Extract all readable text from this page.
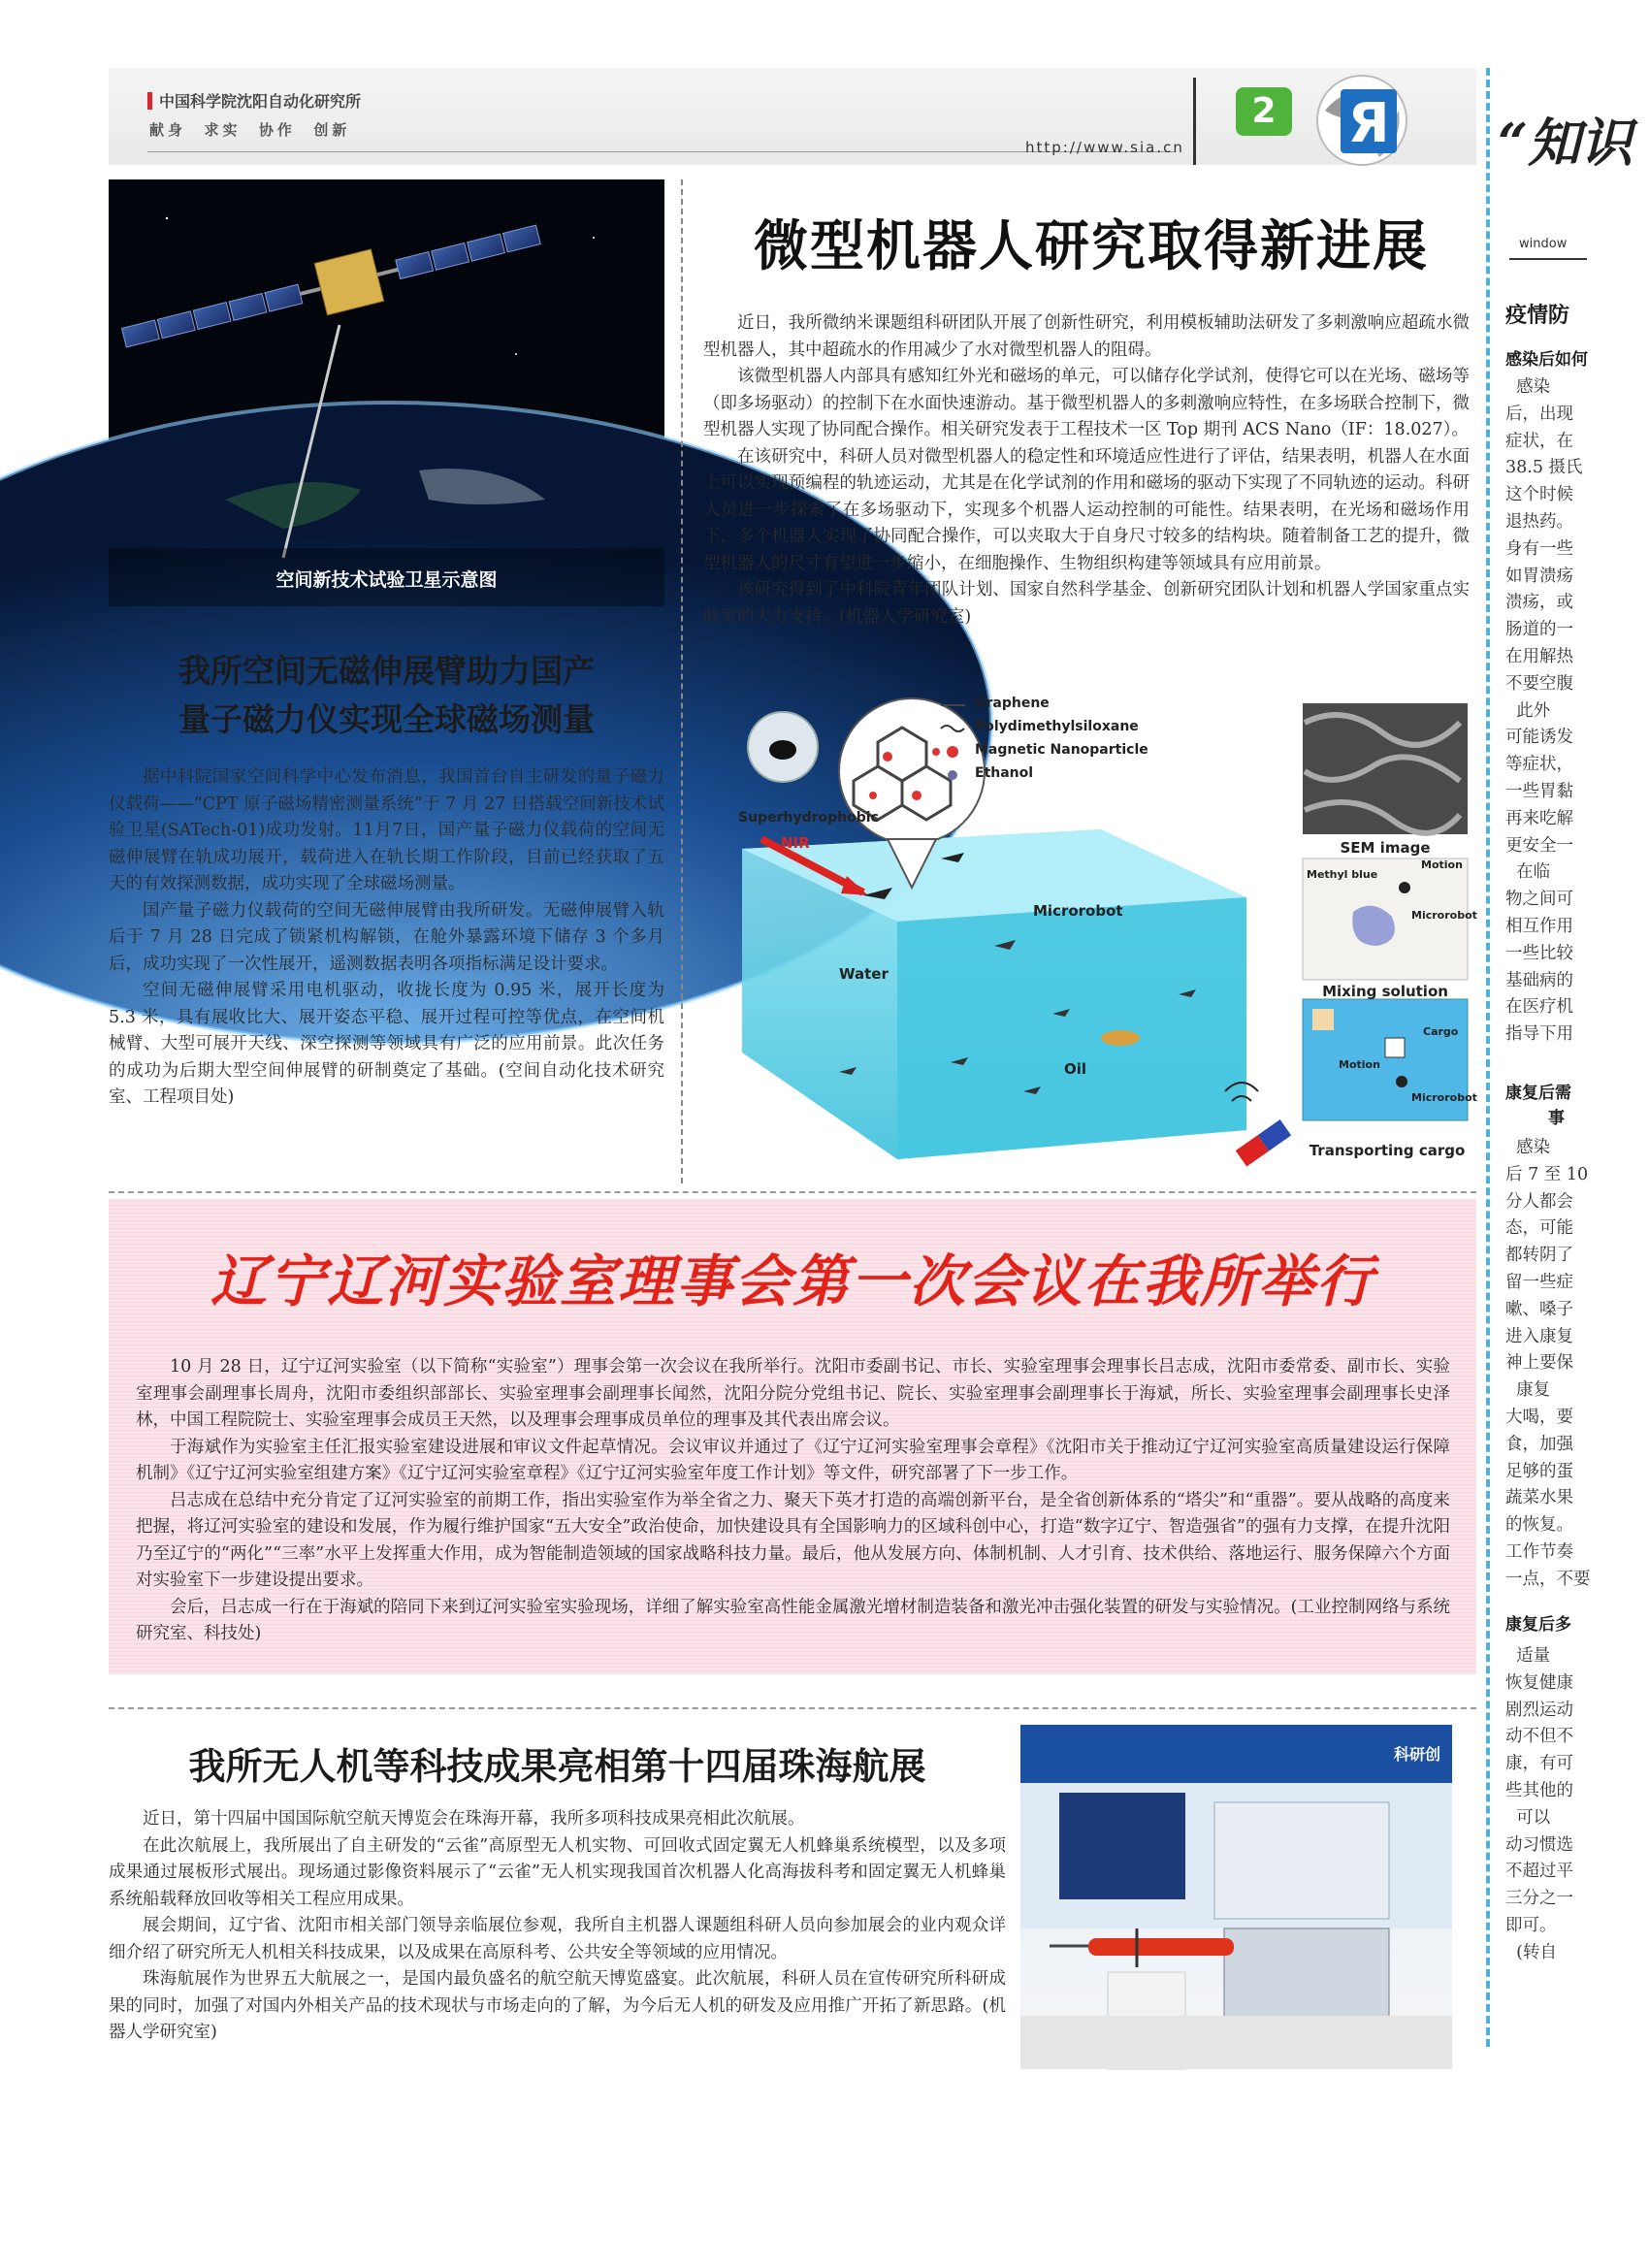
中国科学院沈阳自动化研究所
献身  求实  协作  创新
http://www.sia.cn
2 Я
空间新技术试验卫星示意图
我所空间无磁伸展臂助力国产
量子磁力仪实现全球磁场测量

据中科院国家空间科学中心发布消息，我国首台自主研发的量子磁力仪载荷——“CPT 原子磁场精密测量系统”于 7 月 27 日搭载空间新技术试验卫星(SATech-01)成功发射。11月7日，国产量子磁力仪载荷的空间无磁伸展臂在轨成功展开，载荷进入在轨长期工作阶段，目前已经获取了五天的有效探测数据，成功实现了全球磁场测量。

国产量子磁力仪载荷的空间无磁伸展臂由我所研发。无磁伸展臂入轨后于 7 月 28 日完成了锁紧机构解锁，在舱外暴露环境下储存 3 个多月后，成功实现了一次性展开，遥测数据表明各项指标满足设计要求。

空间无磁伸展臂采用电机驱动，收拢长度为 0.95 米，展开长度为 5.3 米，具有展收比大、展开姿态平稳、展开过程可控等优点，在空间机械臂、大型可展开天线、深空探测等领域具有广泛的应用前景。此次任务的成功为后期大型空间伸展臂的研制奠定了基础。(空间自动化技术研究室、工程项目处)

微型机器人研究取得新进展

近日，我所微纳米课题组科研团队开展了创新性研究，利用模板辅助法研发了多刺激响应超疏水微型机器人，其中超疏水的作用减少了水对微型机器人的阻碍。

该微型机器人内部具有感知红外光和磁场的单元，可以储存化学试剂，使得它可以在光场、磁场等（即多场驱动）的控制下在水面快速游动。基于微型机器人的多刺激响应特性，在多场联合控制下，微型机器人实现了协同配合操作。相关研究发表于工程技术一区 Top 期刊 ACS Nano（IF：18.027）。

在该研究中，科研人员对微型机器人的稳定性和环境适应性进行了评估，结果表明，机器人在水面上可以实现预编程的轨迹运动，尤其是在化学试剂的作用和磁场的驱动下实现了不同轨迹的运动。科研人员进一步探索了在多场驱动下，实现多个机器人运动控制的可能性。结果表明，在光场和磁场作用下，多个机器人实现了协同配合操作，可以夹取大于自身尺寸较多的结构块。随着制备工艺的提升，微型机器人的尺寸有望进一步缩小，在细胞操作、生物组织构建等领域具有应用前景。

该研究得到了中科院青年团队计划、国家自然科学基金、创新研究团队计划和机器人学国家重点实验室的大力支持。(机器人学研究室)

Graphene
Polydimethylsiloxane
Magnetic Nanoparticle
Ethanol
Superhydrophobic
NIR
Water
Microrobot
Oil
SEM image
Methyl blue
Motion
Microrobot
Mixing solution
Cargo
Motion
Microrobot
Transporting cargo
辽宁辽河实验室理事会第一次会议在我所举行

10 月 28 日，辽宁辽河实验室（以下简称“实验室”）理事会第一次会议在我所举行。沈阳市委副书记、市长、实验室理事会理事长吕志成，沈阳市委常委、副市长、实验室理事会副理事长周舟，沈阳市委组织部部长、实验室理事会副理事长闻然，沈阳分院分党组书记、院长、实验室理事会副理事长于海斌，所长、实验室理事会副理事长史泽林，中国工程院院士、实验室理事会成员王天然，以及理事会理事成员单位的理事及其代表出席会议。

于海斌作为实验室主任汇报实验室建设进展和审议文件起草情况。会议审议并通过了《辽宁辽河实验室理事会章程》《沈阳市关于推动辽宁辽河实验室高质量建设运行保障机制》《辽宁辽河实验室组建方案》《辽宁辽河实验室章程》《辽宁辽河实验室年度工作计划》等文件，研究部署了下一步工作。

吕志成在总结中充分肯定了辽河实验室的前期工作，指出实验室作为举全省之力、聚天下英才打造的高端创新平台，是全省创新体系的“塔尖”和“重器”。要从战略的高度来把握，将辽河实验室的建设和发展，作为履行维护国家“五大安全”政治使命，加快建设具有全国影响力的区域科创中心，打造“数字辽宁、智造强省”的强有力支撑，在提升沈阳乃至辽宁的“两化”“三率”水平上发挥重大作用，成为智能制造领域的国家战略科技力量。最后，他从发展方向、体制机制、人才引育、技术供给、落地运行、服务保障六个方面对实验室下一步建设提出要求。

会后，吕志成一行在于海斌的陪同下来到辽河实验室实验现场，详细了解实验室高性能金属激光增材制造装备和激光冲击强化装置的研发与实验情况。(工业控制网络与系统研究室、科技处)

我所无人机等科技成果亮相第十四届珠海航展

近日，第十四届中国国际航空航天博览会在珠海开幕，我所多项科技成果亮相此次航展。

在此次航展上，我所展出了自主研发的“云雀”高原型无人机实物、可回收式固定翼无人机蜂巢系统模型，以及多项成果通过展板形式展出。现场通过影像资料展示了“云雀”无人机实现我国首次机器人化高海拔科考和固定翼无人机蜂巢系统船载释放回收等相关工程应用成果。

展会期间，辽宁省、沈阳市相关部门领导亲临展位参观，我所自主机器人课题组科研人员向参加展会的业内观众详细介绍了研究所无人机相关科技成果，以及成果在高原科考、公共安全等领域的应用情况。

珠海航展作为世界五大航展之一，是国内最负盛名的航空航天博览盛宴。此次航展，科研人员在宣传研究所科研成果的同时，加强了对国内外相关产品的技术现状与市场走向的了解，为今后无人机的研发及应用推广开拓了新思路。(机器人学研究室)

科研创
“知识
window
疫情防
感染后如何
感染
后，出现
症状，在
38.5 摄氏
这个时候
退热药。
身有一些
如胃溃疡
溃疡，或
肠道的一
在用解热
不要空腹
此外
可能诱发
等症状，
一些胃黏
再来吃解
更安全一
在临
物之间可
相互作用
一些比较
基础病的
在医疗机
指导下用
康复后需
事
感染
后 7 至 10
分人都会
态，可能
都转阴了
留一些症
嗽、嗓子
进入康复
神上要保
康复
大喝，要
食，加强
足够的蛋
蔬菜水果
的恢复。
工作节奏
一点，不要
康复后多
适量
恢复健康
剧烈运动
动不但不
康，有可
些其他的
可以
动习惯选
不超过平
三分之一
即可。
(转自
